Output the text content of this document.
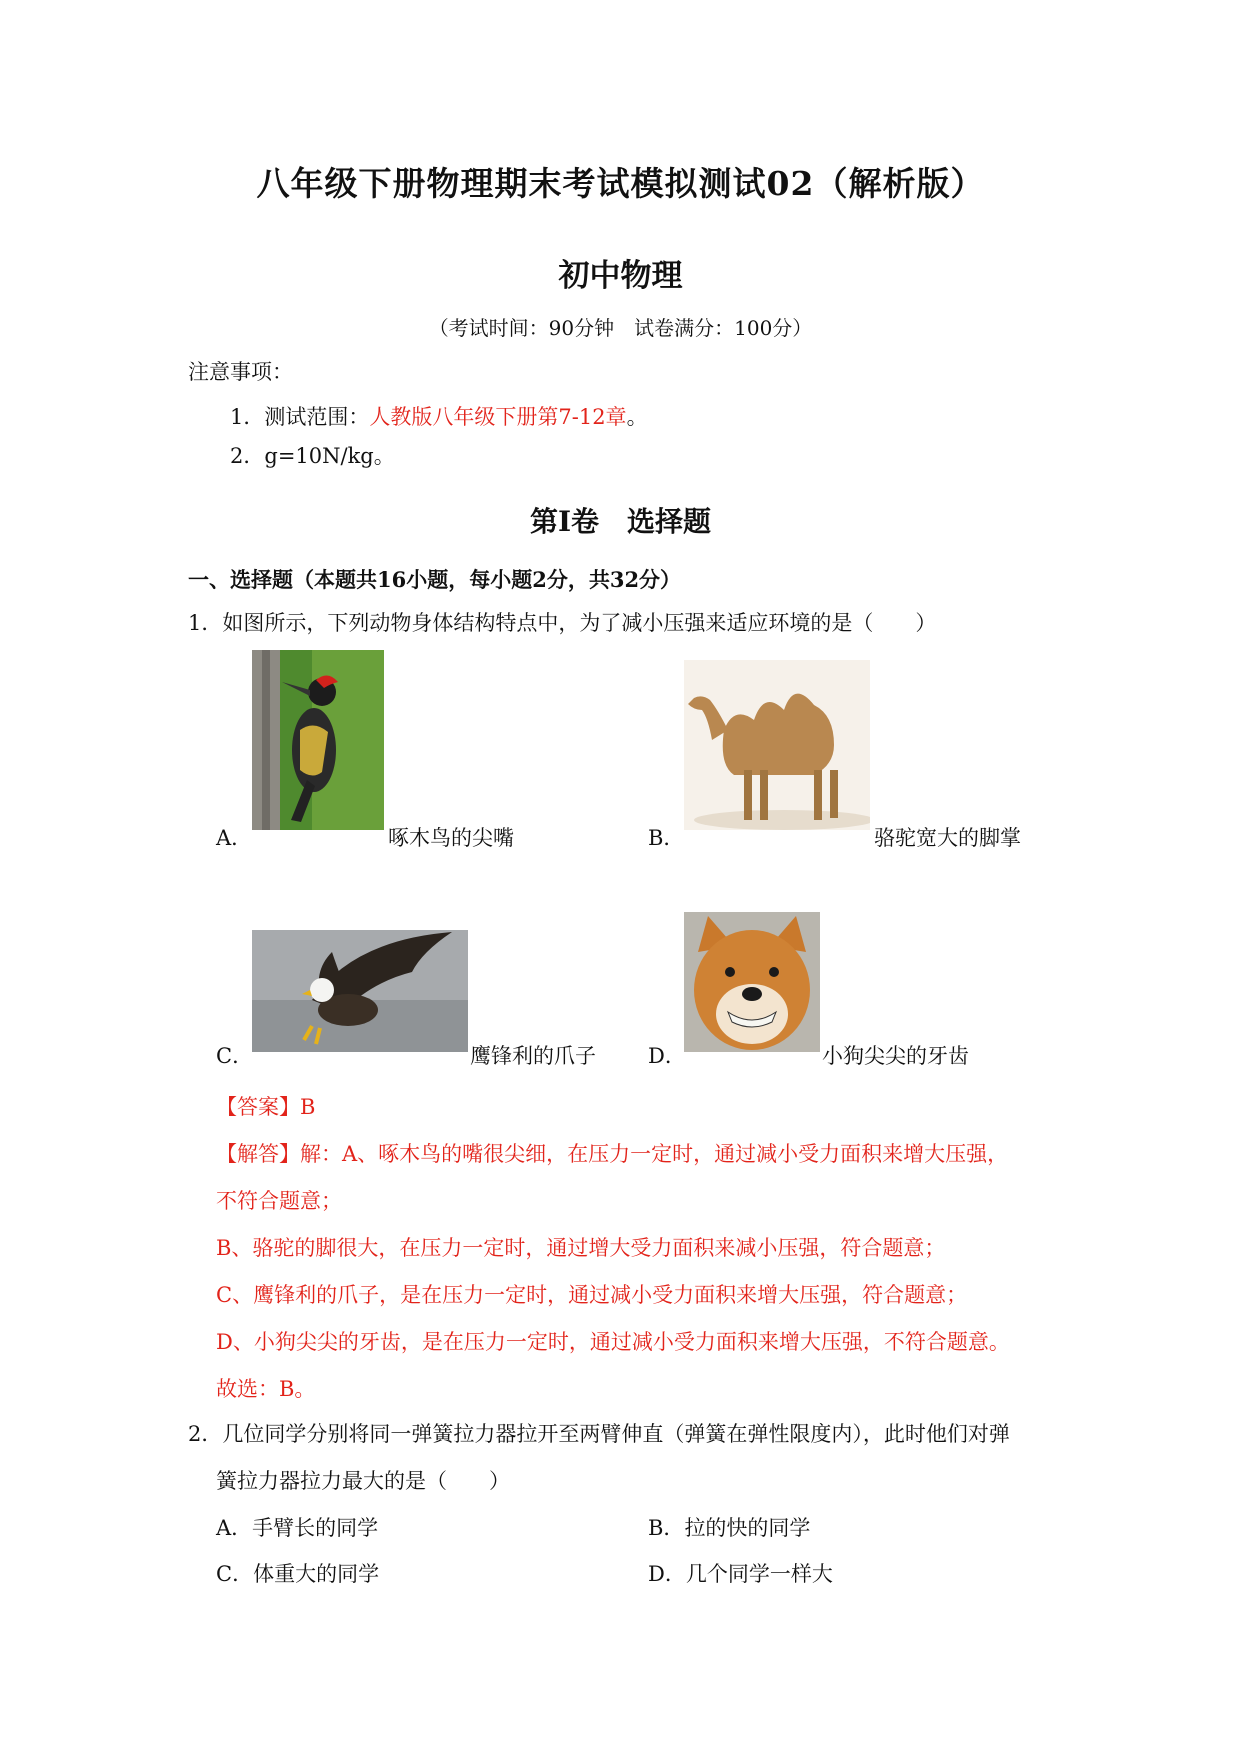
八年级下册物理期末考试模拟测试02（解析版）
初中物理
（考试时间：90分钟　试卷满分：100分）
注意事项：
1．测试范围：人教版八年级下册第7-12章。
2．g=10N/kg。
第Ⅰ卷　选择题
一、选择题（本题共16小题，每小题2分，共32分）
1．如图所示，下列动物身体结构特点中，为了减小压强来适应环境的是（　　）
A．	啄木鸟的尖嘴	B．	骆驼宽大的脚掌
C．	鹰锋利的爪子 D．	小狗尖尖的牙齿
【答案】B
【解答】解：A、啄木鸟的嘴很尖细，在压力一定时，通过减小受力面积来增大压强，
不符合题意；
B、骆驼的脚很大，在压力一定时，通过增大受力面积来减小压强，符合题意；
C、鹰锋利的爪子，是在压力一定时，通过减小受力面积来增大压强，符合题意；
D、小狗尖尖的牙齿，是在压力一定时，通过减小受力面积来增大压强，不符合题意。
故选：B。
2．几位同学分别将同一弹簧拉力器拉开至两臂伸直（弹簧在弹性限度内），此时他们对弹
簧拉力器拉力最大的是（　　）
A．手臂长的同学	B．拉的快的同学
C．体重大的同学	D．几个同学一样大
